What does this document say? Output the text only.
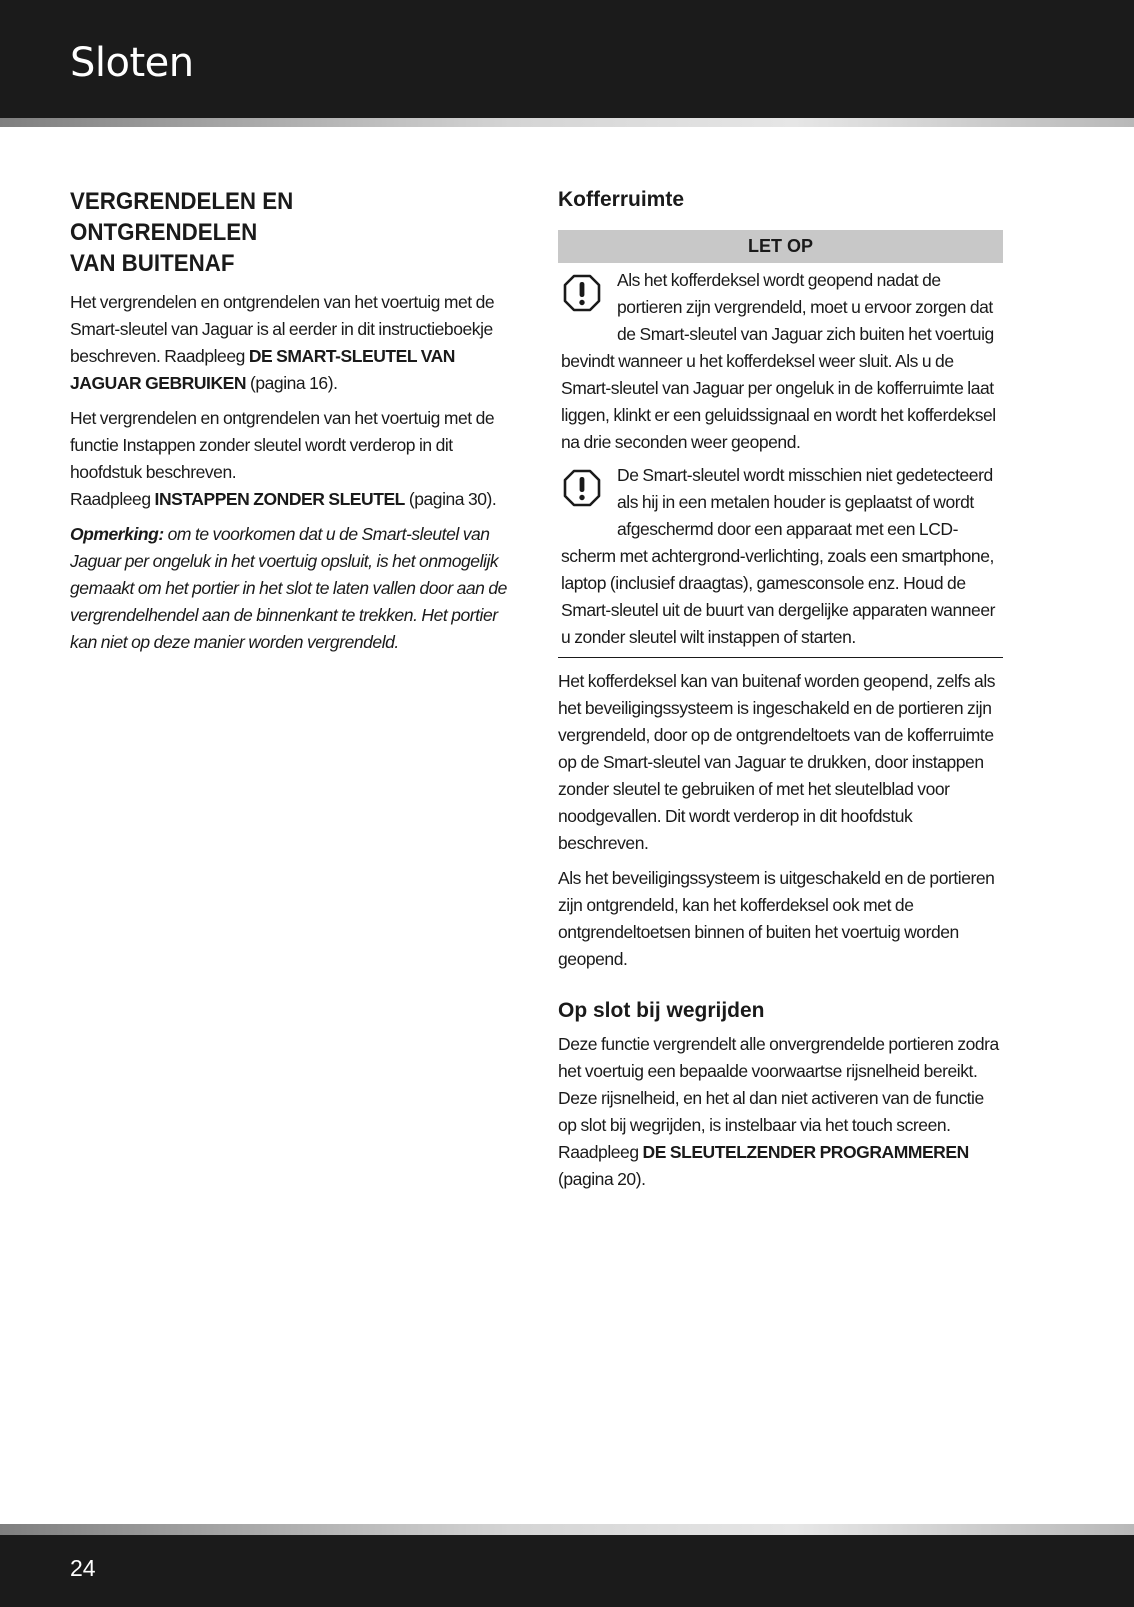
Sloten
VERGRENDELEN EN ONTGRENDELEN
VAN BUITENAF

Het vergrendelen en ontgrendelen van het voertuig met de Smart-sleutel van Jaguar is al eerder in dit instructieboekje beschreven. Raadpleeg DE SMART-SLEUTEL VAN JAGUAR GEBRUIKEN (pagina 16).

Het vergrendelen en ontgrendelen van het voertuig met de functie Instappen zonder sleutel wordt verderop in dit hoofdstuk beschreven.

Raadpleeg INSTAPPEN ZONDER SLEUTEL (pagina 30).

Opmerking: om te voorkomen dat u de Smart-sleutel van Jaguar per ongeluk in het voertuig opsluit, is het onmogelijk gemaakt om het portier in het slot te laten vallen door aan de vergrendelhendel aan de binnenkant te trekken. Het portier kan niet op deze manier worden vergrendeld.

Kofferruimte
LET OP

Als het kofferdeksel wordt geopend nadat de portieren zijn vergrendeld, moet u ervoor zorgen dat de Smart-sleutel van Jaguar zich buiten het voertuig bevindt wanneer u het kofferdeksel weer sluit. Als u de Smart-sleutel van Jaguar per ongeluk in de kofferruimte laat liggen, klinkt er een geluidssignaal en wordt het kofferdeksel na drie seconden weer geopend.

De Smart-sleutel wordt misschien niet gedetecteerd als hij in een metalen houder is geplaatst of wordt afgeschermd door een apparaat met een LCD-scherm met achtergrond-verlichting, zoals een smartphone, laptop (inclusief draagtas), gamesconsole enz. Houd de Smart-sleutel uit de buurt van dergelijke apparaten wanneer u zonder sleutel wilt instappen of starten.

Het kofferdeksel kan van buitenaf worden geopend, zelfs als het beveiligingssysteem is ingeschakeld en de portieren zijn vergrendeld, door op de ontgrendeltoets van de kofferruimte op de Smart-sleutel van Jaguar te drukken, door instappen zonder sleutel te gebruiken of met het sleutelblad voor noodgevallen. Dit wordt verderop in dit hoofdstuk beschreven.

Als het beveiligingssysteem is uitgeschakeld en de portieren zijn ontgrendeld, kan het kofferdeksel ook met de ontgrendeltoetsen binnen of buiten het voertuig worden geopend.

Op slot bij wegrijden

Deze functie vergrendelt alle onvergrendelde portieren zodra het voertuig een bepaalde voorwaartse rijsnelheid bereikt. Deze rijsnelheid, en het al dan niet activeren van de functie op slot bij wegrijden, is instelbaar via het touch screen.

Raadpleeg DE SLEUTELZENDER PROGRAMMEREN (pagina 20).

24
